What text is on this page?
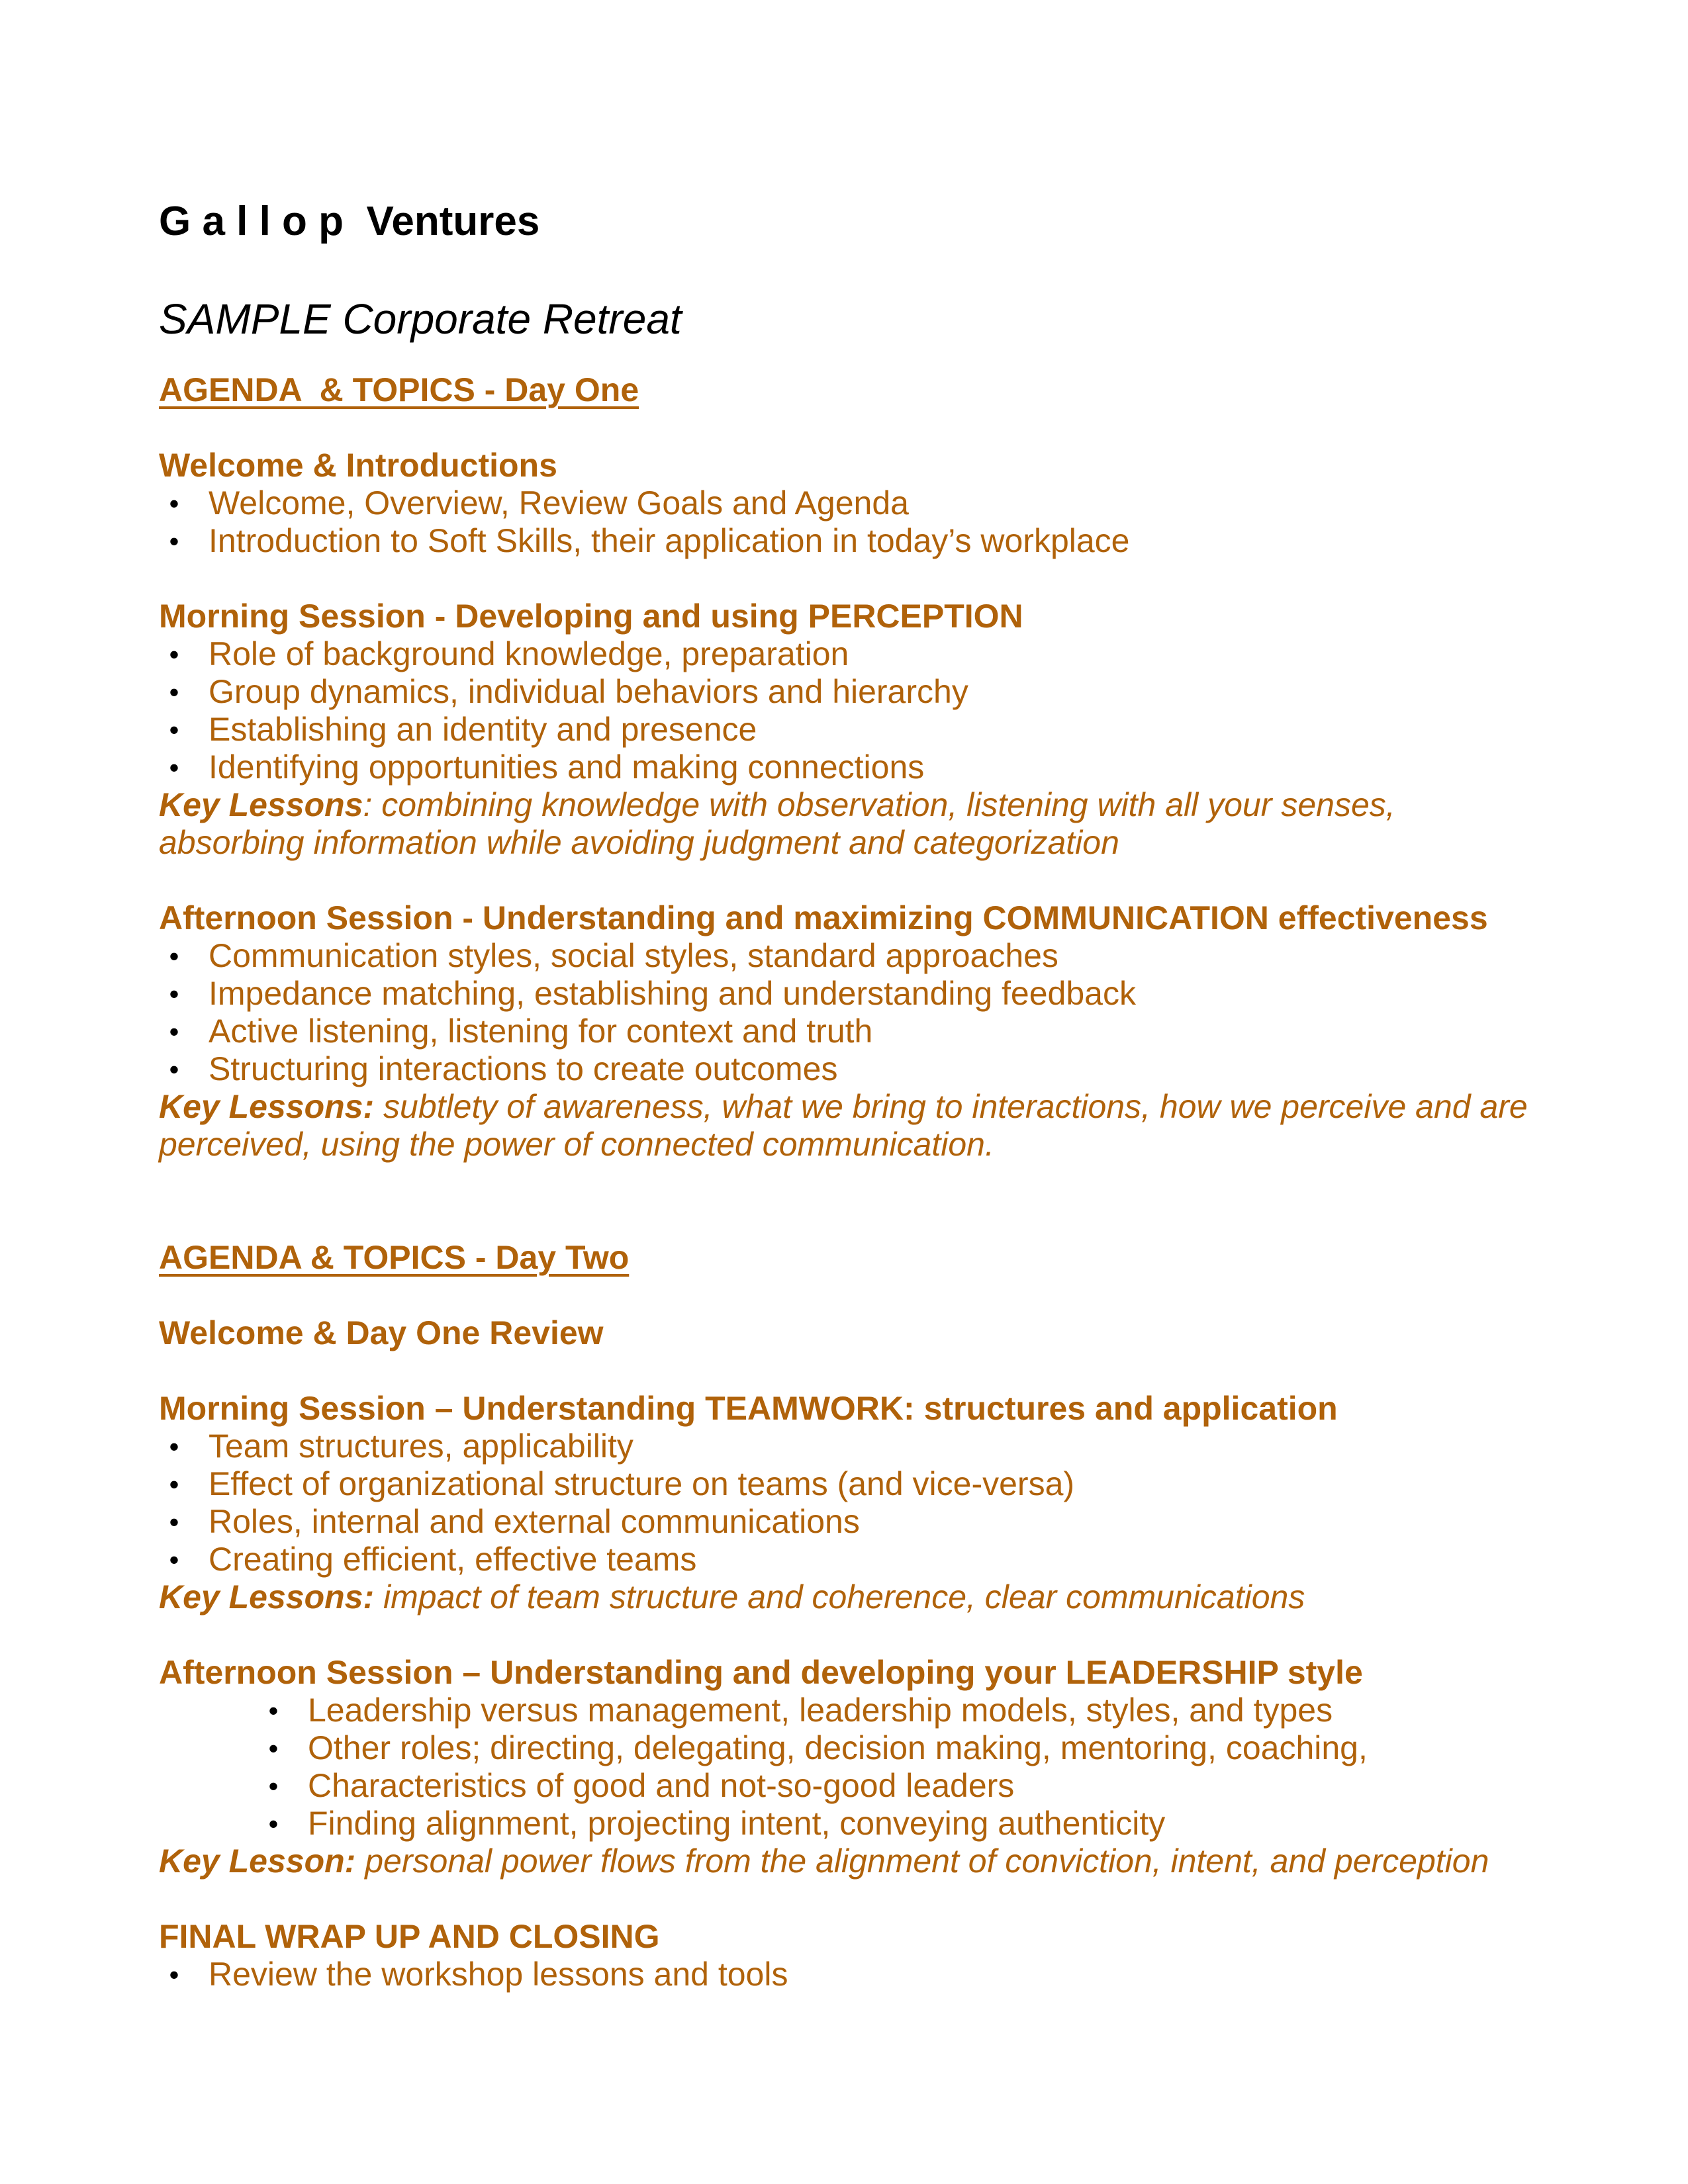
G a l l o p  Ventures
SAMPLE Corporate Retreat
AGENDA  & TOPICS - Day One
Welcome & Introductions
• Welcome, Overview, Review Goals and Agenda
• Introduction to Soft Skills, their application in today’s workplace
Morning Session - Developing and using PERCEPTION
• Role of background knowledge, preparation
• Group dynamics, individual behaviors and hierarchy
• Establishing an identity and presence
• Identifying opportunities and making connections
Key Lessons: combining knowledge with observation, listening with all your senses, absorbing information while avoiding judgment and categorization
Afternoon Session - Understanding and maximizing COMMUNICATION effectiveness
• Communication styles, social styles, standard approaches
• Impedance matching, establishing and understanding feedback
• Active listening, listening for context and truth
• Structuring interactions to create outcomes
Key Lessons: subtlety of awareness, what we bring to interactions, how we perceive and are perceived, using the power of connected communication.
AGENDA & TOPICS - Day Two
Welcome & Day One Review
Morning Session – Understanding TEAMWORK: structures and application
• Team structures, applicability
• Effect of organizational structure on teams (and vice-versa)
• Roles, internal and external communications
• Creating efficient, effective teams
Key Lessons: impact of team structure and coherence, clear communications
Afternoon Session – Understanding and developing your LEADERSHIP style
• Leadership versus management, leadership models, styles, and types
• Other roles; directing, delegating, decision making, mentoring, coaching,
• Characteristics of good and not-so-good leaders
• Finding alignment, projecting intent, conveying authenticity
Key Lesson: personal power flows from the alignment of conviction, intent, and perception
FINAL WRAP UP AND CLOSING
• Review the workshop lessons and tools
